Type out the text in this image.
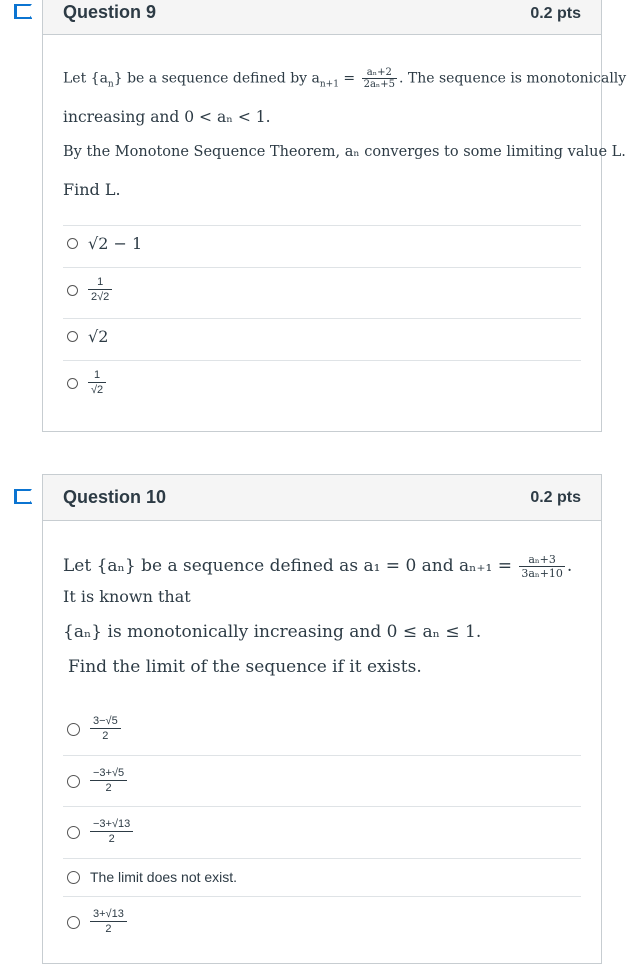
Question 9	0.2 pts
Let $\{a_n\}$ be a sequence defined by $a_{n+1} = \frac{\text{aₙ+2}}{\text{2aₙ+5}}$ . The sequence is monotonically
increasing and 0 < aₙ < 1.
By the Monotone Sequence Theorem, aₙ converges to some limiting value L.
Find L.
√2 − 1
$\frac{1}{2√2}$
√2
$\frac{1}{√2}$
Question 10	0.2 pts
Let {aₙ} be a sequence defined as a₁ = 0 and $a_{n+1} = \frac{\text{aₙ+3}}{\text{3aₙ+10}}$ .
It is known that
{aₙ} is monotonically increasing and 0 ≤ aₙ ≤ 1.
Find the limit of the sequence if it exists.
$\frac{3-√5}{2}$
$\frac{-3+√5}{2}$
$\frac{-3+√13}{2}$
The limit does not exist.
$\frac{3+√13}{2}$
